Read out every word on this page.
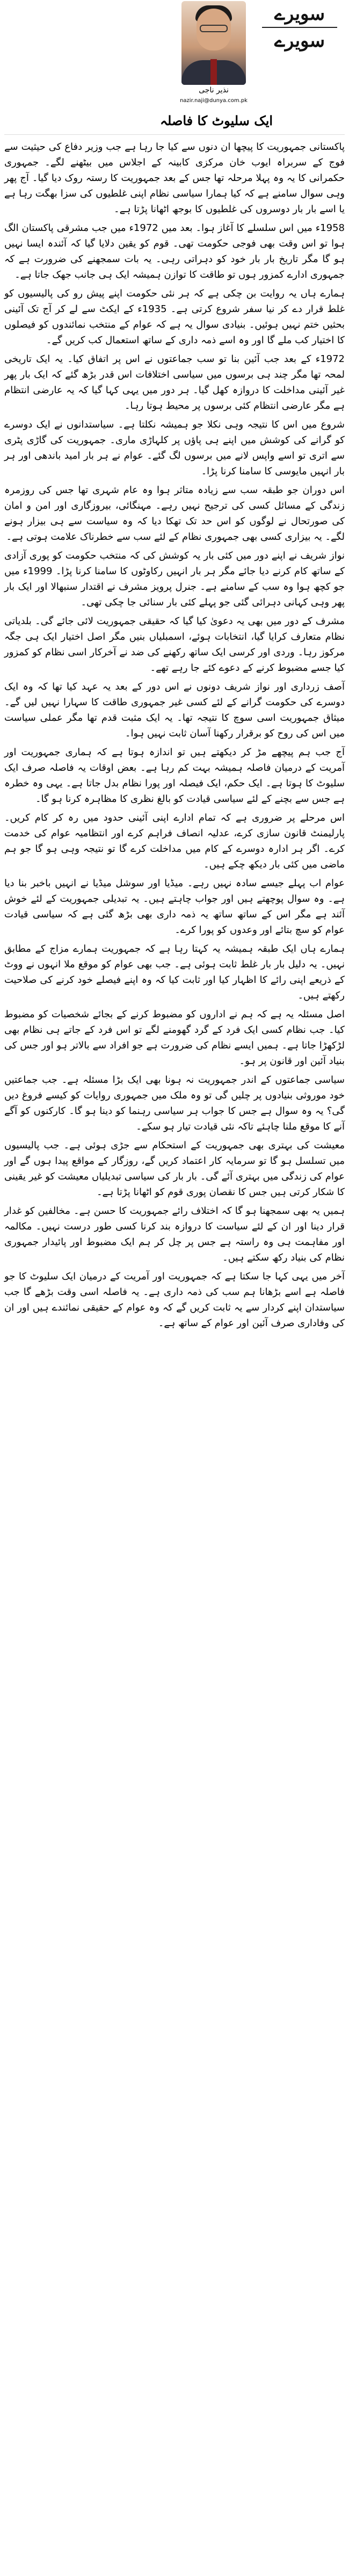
سویرے
سویرے
نذیر ناجی
nazir.naji@dunya.com.pk
ایک سلیوٹ کا فاصلہ

پاکستانی جمہوریت کا پیچھا ان دنوں سے کیا جا رہا ہے جب وزیر دفاع کی حیثیت سے فوج کے سربراہ ایوب خان مرکزی کابینہ کے اجلاس میں بیٹھنے لگے۔ جمہوری حکمرانی کا یہ وہ پہلا مرحلہ تھا جس کے بعد جمہوریت کا رستہ روک دیا گیا۔ آج پھر وہی سوال سامنے ہے کہ کیا ہمارا سیاسی نظام اپنی غلطیوں کی سزا بھگت رہا ہے یا اسے بار بار دوسروں کی غلطیوں کا بوجھ اٹھانا پڑتا ہے۔

1958ء میں اس سلسلے کا آغاز ہوا۔ بعد میں 1972ء میں جب مشرقی پاکستان الگ ہوا تو اس وقت بھی فوجی حکومت تھی۔ قوم کو یقین دلایا گیا کہ آئندہ ایسا نہیں ہو گا مگر تاریخ بار بار خود کو دہراتی رہی۔ یہ بات سمجھنے کی ضرورت ہے کہ جمہوری ادارے کمزور ہوں تو طاقت کا توازن ہمیشہ ایک ہی جانب جھک جاتا ہے۔

ہمارے ہاں یہ روایت بن چکی ہے کہ ہر نئی حکومت اپنے پیش رو کی پالیسیوں کو غلط قرار دے کر نیا سفر شروع کرتی ہے۔ 1935ء کے ایکٹ سے لے کر آج تک آئینی بحثیں ختم نہیں ہوئیں۔ بنیادی سوال یہ ہے کہ عوام کے منتخب نمائندوں کو فیصلوں کا اختیار کب ملے گا اور وہ اسے ذمہ داری کے ساتھ استعمال کب کریں گے۔

1972ء کے بعد جب آئین بنا تو سب جماعتوں نے اس پر اتفاق کیا۔ یہ ایک تاریخی لمحہ تھا مگر چند ہی برسوں میں سیاسی اختلافات اس قدر بڑھ گئے کہ ایک بار پھر غیر آئینی مداخلت کا دروازہ کھل گیا۔ ہر دور میں یہی کہا گیا کہ یہ عارضی انتظام ہے مگر عارضی انتظام کئی برسوں پر محیط ہوتا رہا۔

شروع میں اس کا نتیجہ وہی نکلا جو ہمیشہ نکلتا ہے۔ سیاستدانوں نے ایک دوسرے کو گرانے کی کوشش میں اپنے ہی پاؤں پر کلہاڑی ماری۔ جمہوریت کی گاڑی پٹری سے اتری تو اسے واپس لانے میں برسوں لگ گئے۔ عوام نے ہر بار امید باندھی اور ہر بار انہیں مایوسی کا سامنا کرنا پڑا۔

اس دوران جو طبقہ سب سے زیادہ متاثر ہوا وہ عام شہری تھا جس کی روزمرہ زندگی کے مسائل کسی کی ترجیح نہیں رہے۔ مہنگائی، بیروزگاری اور امن و امان کی صورتحال نے لوگوں کو اس حد تک تھکا دیا کہ وہ سیاست سے ہی بیزار ہونے لگے۔ یہ بیزاری کسی بھی جمہوری نظام کے لئے سب سے خطرناک علامت ہوتی ہے۔

نواز شریف نے اپنے دور میں کئی بار یہ کوشش کی کہ منتخب حکومت کو پوری آزادی کے ساتھ کام کرنے دیا جائے مگر ہر بار انہیں رکاوٹوں کا سامنا کرنا پڑا۔ 1999ء میں جو کچھ ہوا وہ سب کے سامنے ہے۔ جنرل پرویز مشرف نے اقتدار سنبھالا اور ایک بار پھر وہی کہانی دہرائی گئی جو پہلے کئی بار سنائی جا چکی تھی۔

مشرف کے دور میں بھی یہ دعویٰ کیا گیا کہ حقیقی جمہوریت لائی جائے گی۔ بلدیاتی نظام متعارف کرایا گیا، انتخابات ہوئے، اسمبلیاں بنیں مگر اصل اختیار ایک ہی جگہ مرکوز رہا۔ وردی اور کرسی ایک ساتھ رکھنے کی ضد نے آخرکار اسی نظام کو کمزور کیا جسے مضبوط کرنے کے دعوے کئے جا رہے تھے۔

آصف زرداری اور نواز شریف دونوں نے اس دور کے بعد یہ عہد کیا تھا کہ وہ ایک دوسرے کی حکومت گرانے کے لئے کسی غیر جمہوری طاقت کا سہارا نہیں لیں گے۔ میثاق جمہوریت اسی سوچ کا نتیجہ تھا۔ یہ ایک مثبت قدم تھا مگر عملی سیاست میں اس کی روح کو برقرار رکھنا آسان ثابت نہیں ہوا۔

آج جب ہم پیچھے مڑ کر دیکھتے ہیں تو اندازہ ہوتا ہے کہ ہماری جمہوریت اور آمریت کے درمیان فاصلہ ہمیشہ بہت کم رہا ہے۔ بعض اوقات یہ فاصلہ صرف ایک سلیوٹ کا ہوتا ہے۔ ایک حکم، ایک فیصلہ اور پورا نظام بدل جاتا ہے۔ یہی وہ خطرہ ہے جس سے بچنے کے لئے سیاسی قیادت کو بالغ نظری کا مظاہرہ کرنا ہو گا۔

اس مرحلے پر ضروری ہے کہ تمام ادارے اپنی آئینی حدود میں رہ کر کام کریں۔ پارلیمنٹ قانون سازی کرے، عدلیہ انصاف فراہم کرے اور انتظامیہ عوام کی خدمت کرے۔ اگر ہر ادارہ دوسرے کے کام میں مداخلت کرے گا تو نتیجہ وہی ہو گا جو ہم ماضی میں کئی بار دیکھ چکے ہیں۔

عوام اب پہلے جیسے سادہ نہیں رہے۔ میڈیا اور سوشل میڈیا نے انہیں باخبر بنا دیا ہے۔ وہ سوال پوچھتے ہیں اور جواب چاہتے ہیں۔ یہ تبدیلی جمہوریت کے لئے خوش آئند ہے مگر اس کے ساتھ ساتھ یہ ذمہ داری بھی بڑھ گئی ہے کہ سیاسی قیادت عوام کو سچ بتائے اور وعدوں کو پورا کرے۔

ہمارے ہاں ایک طبقہ ہمیشہ یہ کہتا رہا ہے کہ جمہوریت ہمارے مزاج کے مطابق نہیں۔ یہ دلیل بار بار غلط ثابت ہوئی ہے۔ جب بھی عوام کو موقع ملا انہوں نے ووٹ کے ذریعے اپنی رائے کا اظہار کیا اور ثابت کیا کہ وہ اپنے فیصلے خود کرنے کی صلاحیت رکھتے ہیں۔

اصل مسئلہ یہ ہے کہ ہم نے اداروں کو مضبوط کرنے کے بجائے شخصیات کو مضبوط کیا۔ جب نظام کسی ایک فرد کے گرد گھومنے لگے تو اس فرد کے جاتے ہی نظام بھی لڑکھڑا جاتا ہے۔ ہمیں ایسے نظام کی ضرورت ہے جو افراد سے بالاتر ہو اور جس کی بنیاد آئین اور قانون پر ہو۔

سیاسی جماعتوں کے اندر جمہوریت نہ ہونا بھی ایک بڑا مسئلہ ہے۔ جب جماعتیں خود موروثی بنیادوں پر چلیں گی تو وہ ملک میں جمہوری روایات کو کیسے فروغ دیں گی؟ یہ وہ سوال ہے جس کا جواب ہر سیاسی رہنما کو دینا ہو گا۔ کارکنوں کو آگے آنے کا موقع ملنا چاہئے تاکہ نئی قیادت تیار ہو سکے۔

معیشت کی بہتری بھی جمہوریت کے استحکام سے جڑی ہوئی ہے۔ جب پالیسیوں میں تسلسل ہو گا تو سرمایہ کار اعتماد کریں گے، روزگار کے مواقع پیدا ہوں گے اور عوام کی زندگی میں بہتری آئے گی۔ بار بار کی سیاسی تبدیلیاں معیشت کو غیر یقینی کا شکار کرتی ہیں جس کا نقصان پوری قوم کو اٹھانا پڑتا ہے۔

ہمیں یہ بھی سمجھنا ہو گا کہ اختلاف رائے جمہوریت کا حسن ہے۔ مخالفین کو غدار قرار دینا اور ان کے لئے سیاست کا دروازہ بند کرنا کسی طور درست نہیں۔ مکالمہ اور مفاہمت ہی وہ راستہ ہے جس پر چل کر ہم ایک مضبوط اور پائیدار جمہوری نظام کی بنیاد رکھ سکتے ہیں۔

آخر میں یہی کہا جا سکتا ہے کہ جمہوریت اور آمریت کے درمیان ایک سلیوٹ کا جو فاصلہ ہے اسے بڑھانا ہم سب کی ذمہ داری ہے۔ یہ فاصلہ اسی وقت بڑھے گا جب سیاستدان اپنے کردار سے یہ ثابت کریں گے کہ وہ عوام کے حقیقی نمائندے ہیں اور ان کی وفاداری صرف آئین اور عوام کے ساتھ ہے۔
